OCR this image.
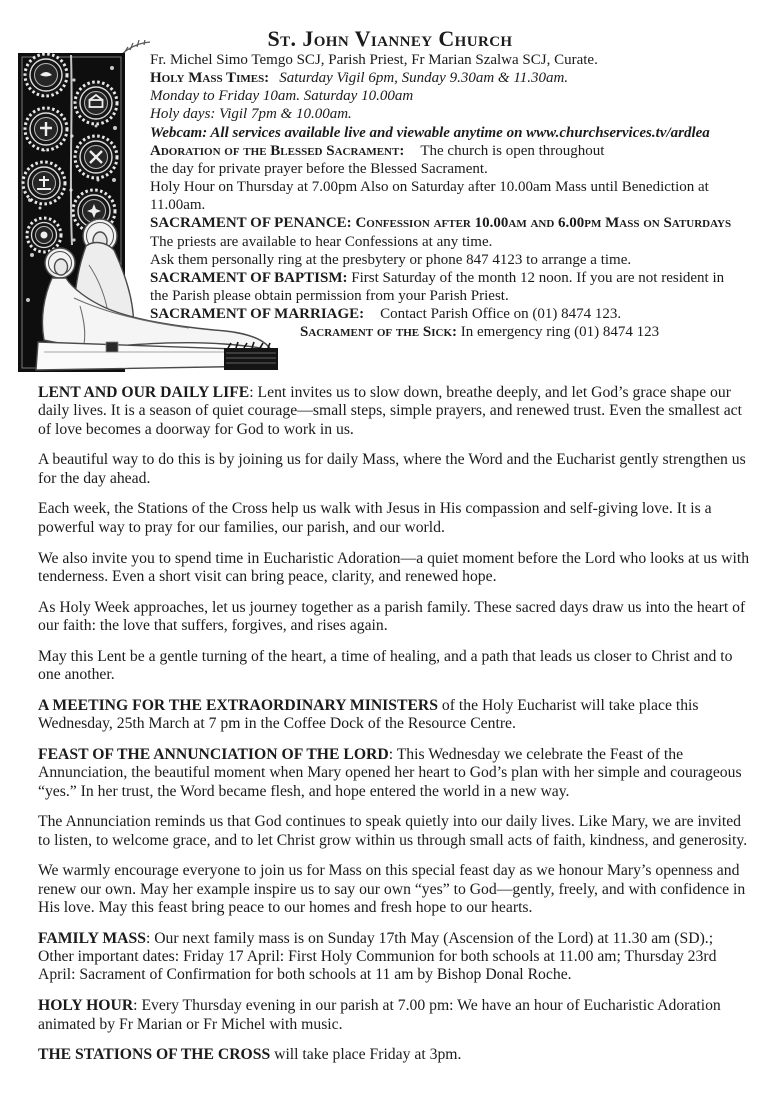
St. John Vianney Church
Fr. Michel Simo Temgo SCJ, Parish Priest, Fr Marian Szalwa SCJ, Curate.
Holy Mass Times: Saturday Vigil 6pm, Sunday 9.30am & 11.30am.
Monday to Friday 10am. Saturday 10.00am
Holy days: Vigil 7pm & 10.00am.
Webcam: All services available live and viewable anytime on www.churchservices.tv/ardlea
Adoration of the Blessed Sacrament: The church is open throughout
the day for private prayer before the Blessed Sacrament.
Holy Hour on Thursday at 7.00pm Also on Saturday after 10.00am Mass until Benediction at
11.00am.
SACRAMENT OF PENANCE: Confession after 10.00am and 6.00pm Mass on Saturdays
The priests are available to hear Confessions at any time.
Ask them personally ring at the presbytery or phone 847 4123 to arrange a time.
SACRAMENT OF BAPTISM: First Saturday of the month 12 noon. If you are not resident in
the Parish please obtain permission from your Parish Priest.
SACRAMENT OF MARRIAGE: Contact Parish Office on (01) 8474 123.
Sacrament of the Sick: In emergency ring (01) 8474 123

LENT AND OUR DAILY LIFE: Lent invites us to slow down, breathe deeply, and let God’s grace shape our daily lives. It is a season of quiet courage—small steps, simple prayers, and renewed trust. Even the smallest act of love becomes a doorway for God to work in us.

A beautiful way to do this is by joining us for daily Mass, where the Word and the Eucharist gently strengthen us for the day ahead.

Each week, the Stations of the Cross help us walk with Jesus in His compassion and self-giving love. It is a powerful way to pray for our families, our parish, and our world.

We also invite you to spend time in Eucharistic Adoration—a quiet moment before the Lord who looks at us with tenderness. Even a short visit can bring peace, clarity, and renewed hope.

As Holy Week approaches, let us journey together as a parish family. These sacred days draw us into the heart of our faith: the love that suffers, forgives, and rises again.

May this Lent be a gentle turning of the heart, a time of healing, and a path that leads us closer to Christ and to one another.

A MEETING FOR THE EXTRAORDINARY MINISTERS of the Holy Eucharist will take place this Wednesday, 25th March at 7 pm in the Coffee Dock of the Resource Centre.

FEAST OF THE ANNUNCIATION OF THE LORD: This Wednesday we celebrate the Feast of the Annunciation, the beautiful moment when Mary opened her heart to God’s plan with her simple and courageous “yes.” In her trust, the Word became flesh, and hope entered the world in a new way.

The Annunciation reminds us that God continues to speak quietly into our daily lives. Like Mary, we are invited to listen, to welcome grace, and to let Christ grow within us through small acts of faith, kindness, and generosity.

We warmly encourage everyone to join us for Mass on this special feast day as we honour Mary’s openness and renew our own. May her example inspire us to say our own “yes” to God—gently, freely, and with confidence in His love. May this feast bring peace to our homes and fresh hope to our hearts.

FAMILY MASS: Our next family mass is on Sunday 17th May (Ascension of the Lord) at 11.30 am (SD).; Other important dates: Friday 17 April: First Holy Communion for both schools at 11.00 am; Thursday 23rd April: Sacrament of Confirmation for both schools at 11 am by Bishop Donal Roche.

HOLY HOUR: Every Thursday evening in our parish at 7.00 pm: We have an hour of Eucharistic Adoration animated by Fr Marian or Fr Michel with music.

THE STATIONS OF THE CROSS will take place Friday at 3pm.
